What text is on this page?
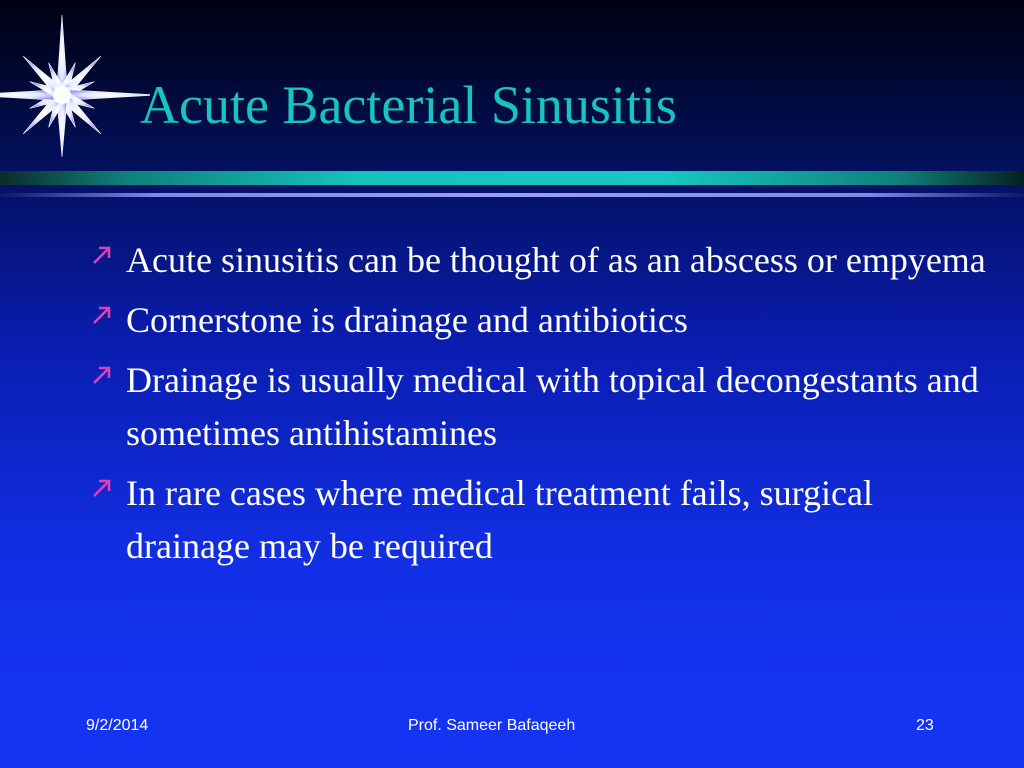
Acute Bacterial Sinusitis
Acute sinusitis can be thought of as an abscess or empyema
Cornerstone is drainage and antibiotics
Drainage is usually medical with topical decongestants and sometimes antihistamines
In rare cases where medical treatment fails, surgical drainage may be required
9/2/2014	Prof. Sameer Bafaqeeh	23
